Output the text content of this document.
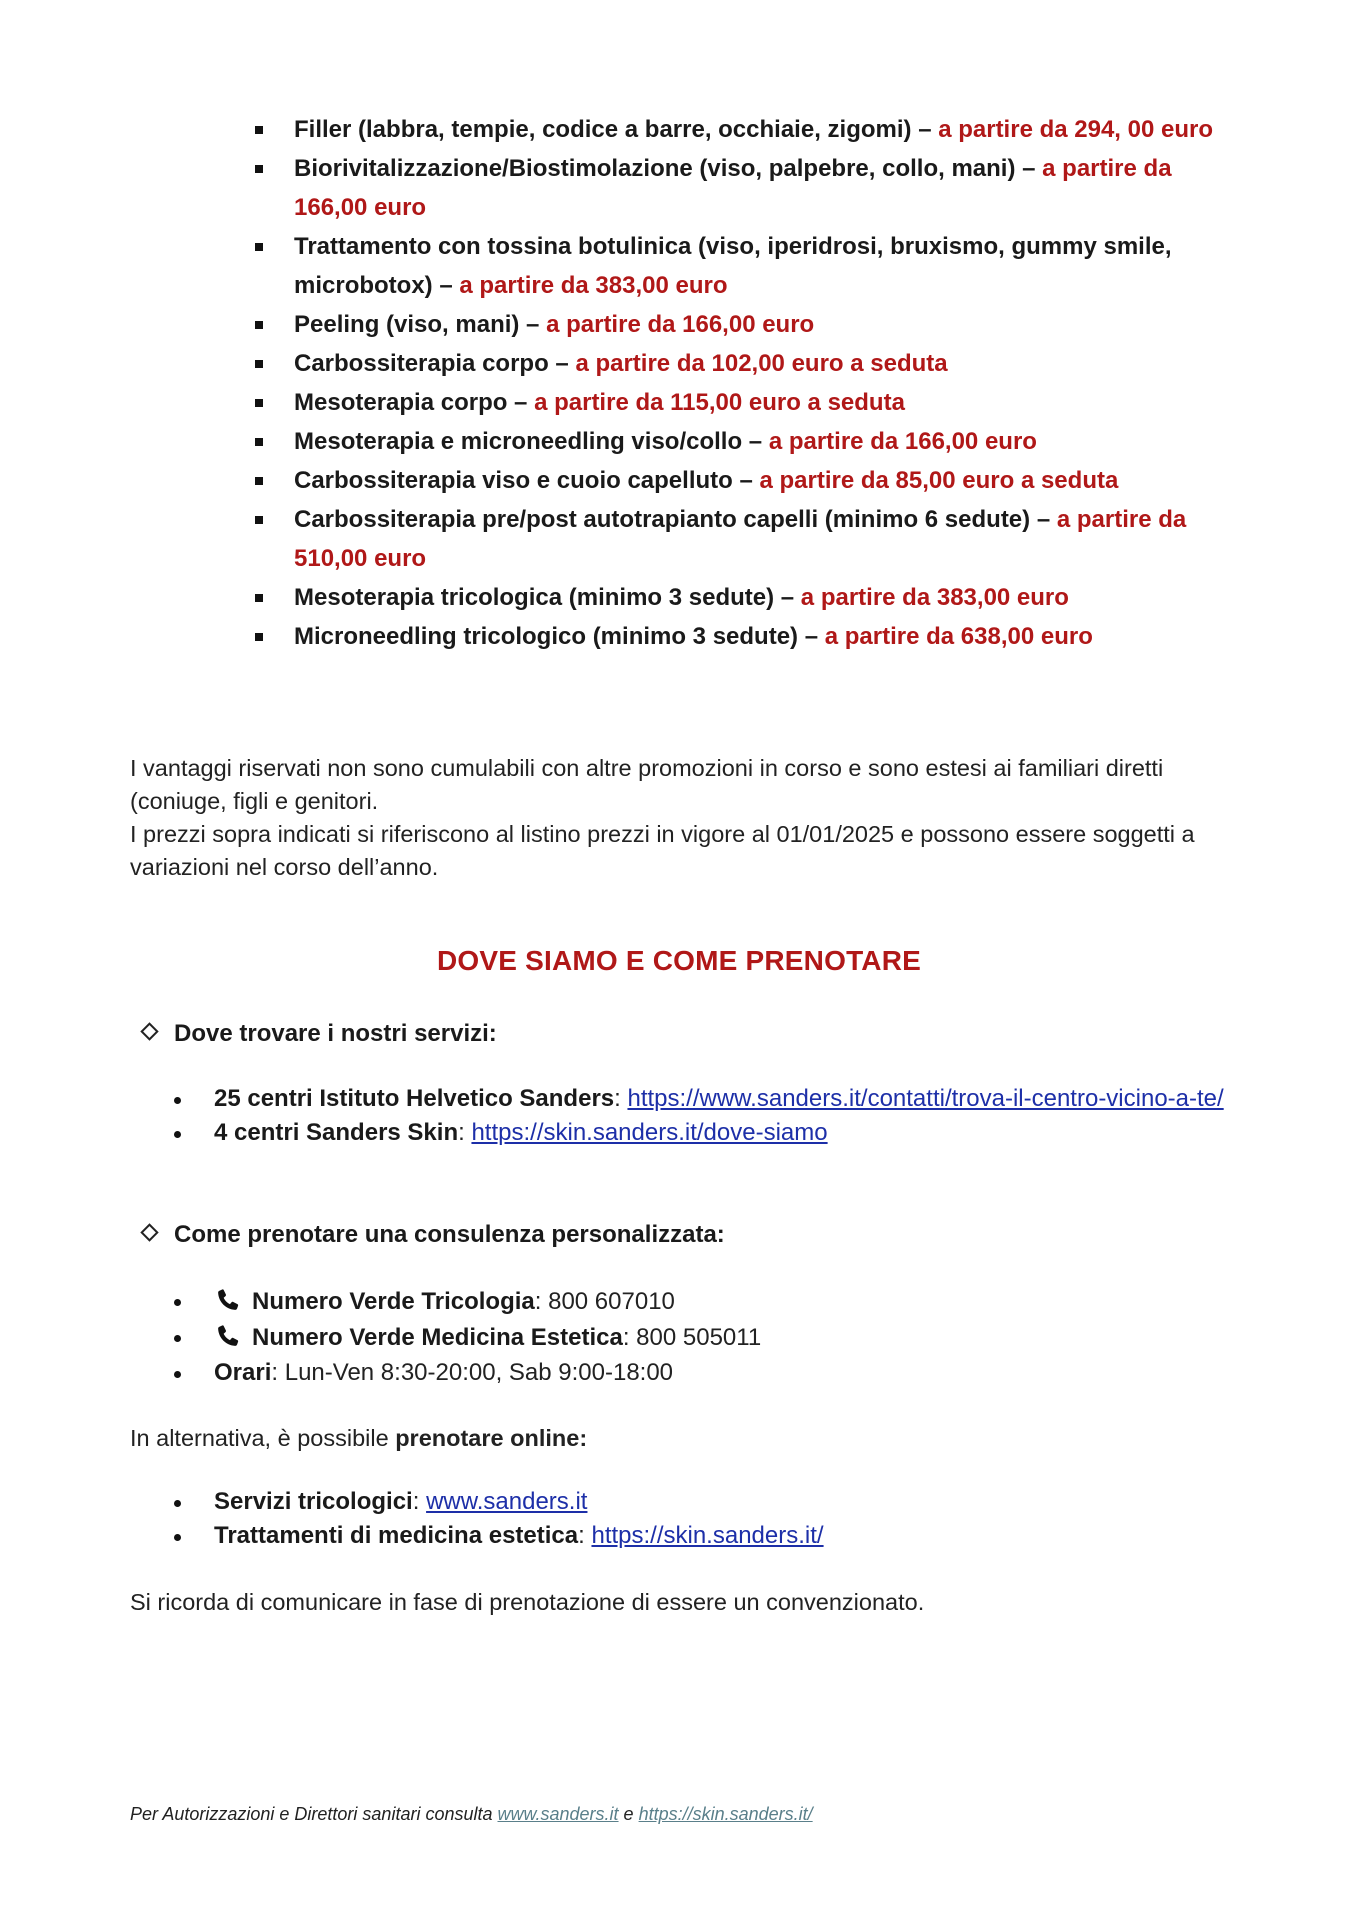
Filler (labbra, tempie, codice a barre, occhiaie, zigomi) – a partire da 294, 00 euro
Biorivitalizzazione/Biostimolazione (viso, palpebre, collo, mani) – a partire da 166,00 euro
Trattamento con tossina botulinica (viso, iperidrosi, bruxismo, gummy smile, microbotox) – a partire da 383,00 euro
Peeling (viso, mani) – a partire da 166,00 euro
Carbossiterapia corpo – a partire da 102,00 euro a seduta
Mesoterapia corpo – a partire da 115,00 euro a seduta
Mesoterapia e microneedling viso/collo – a partire da 166,00 euro
Carbossiterapia viso e cuoio capelluto – a partire da 85,00 euro a seduta
Carbossiterapia pre/post autotrapianto capelli (minimo 6 sedute) – a partire da 510,00 euro
Mesoterapia tricologica (minimo 3 sedute) – a partire da 383,00 euro
Microneedling tricologico (minimo 3 sedute) – a partire da 638,00 euro

I vantaggi riservati non sono cumulabili con altre promozioni in corso e sono estesi ai familiari diretti (coniuge, figli e genitori.

I prezzi sopra indicati si riferiscono al listino prezzi in vigore al 01/01/2025 e possono essere soggetti a variazioni nel corso dell’anno.

DOVE SIAMO E COME PRENOTARE
Dove trovare i nostri servizi:
25 centri Istituto Helvetico Sanders: https://www.sanders.it/contatti/trova-il-centro-vicino-a-te/
4 centri Sanders Skin: https://skin.sanders.it/dove-siamo
Come prenotare una consulenza personalizzata:
Numero Verde Tricologia: 800 607010
Numero Verde Medicina Estetica: 800 505011
Orari: Lun-Ven 8:30-20:00, Sab 9:00-18:00

In alternativa, è possibile prenotare online:

Servizi tricologici: www.sanders.it
Trattamenti di medicina estetica: https://skin.sanders.it/

Si ricorda di comunicare in fase di prenotazione di essere un convenzionato.

Per Autorizzazioni e Direttori sanitari consulta www.sanders.it e https://skin.sanders.it/
